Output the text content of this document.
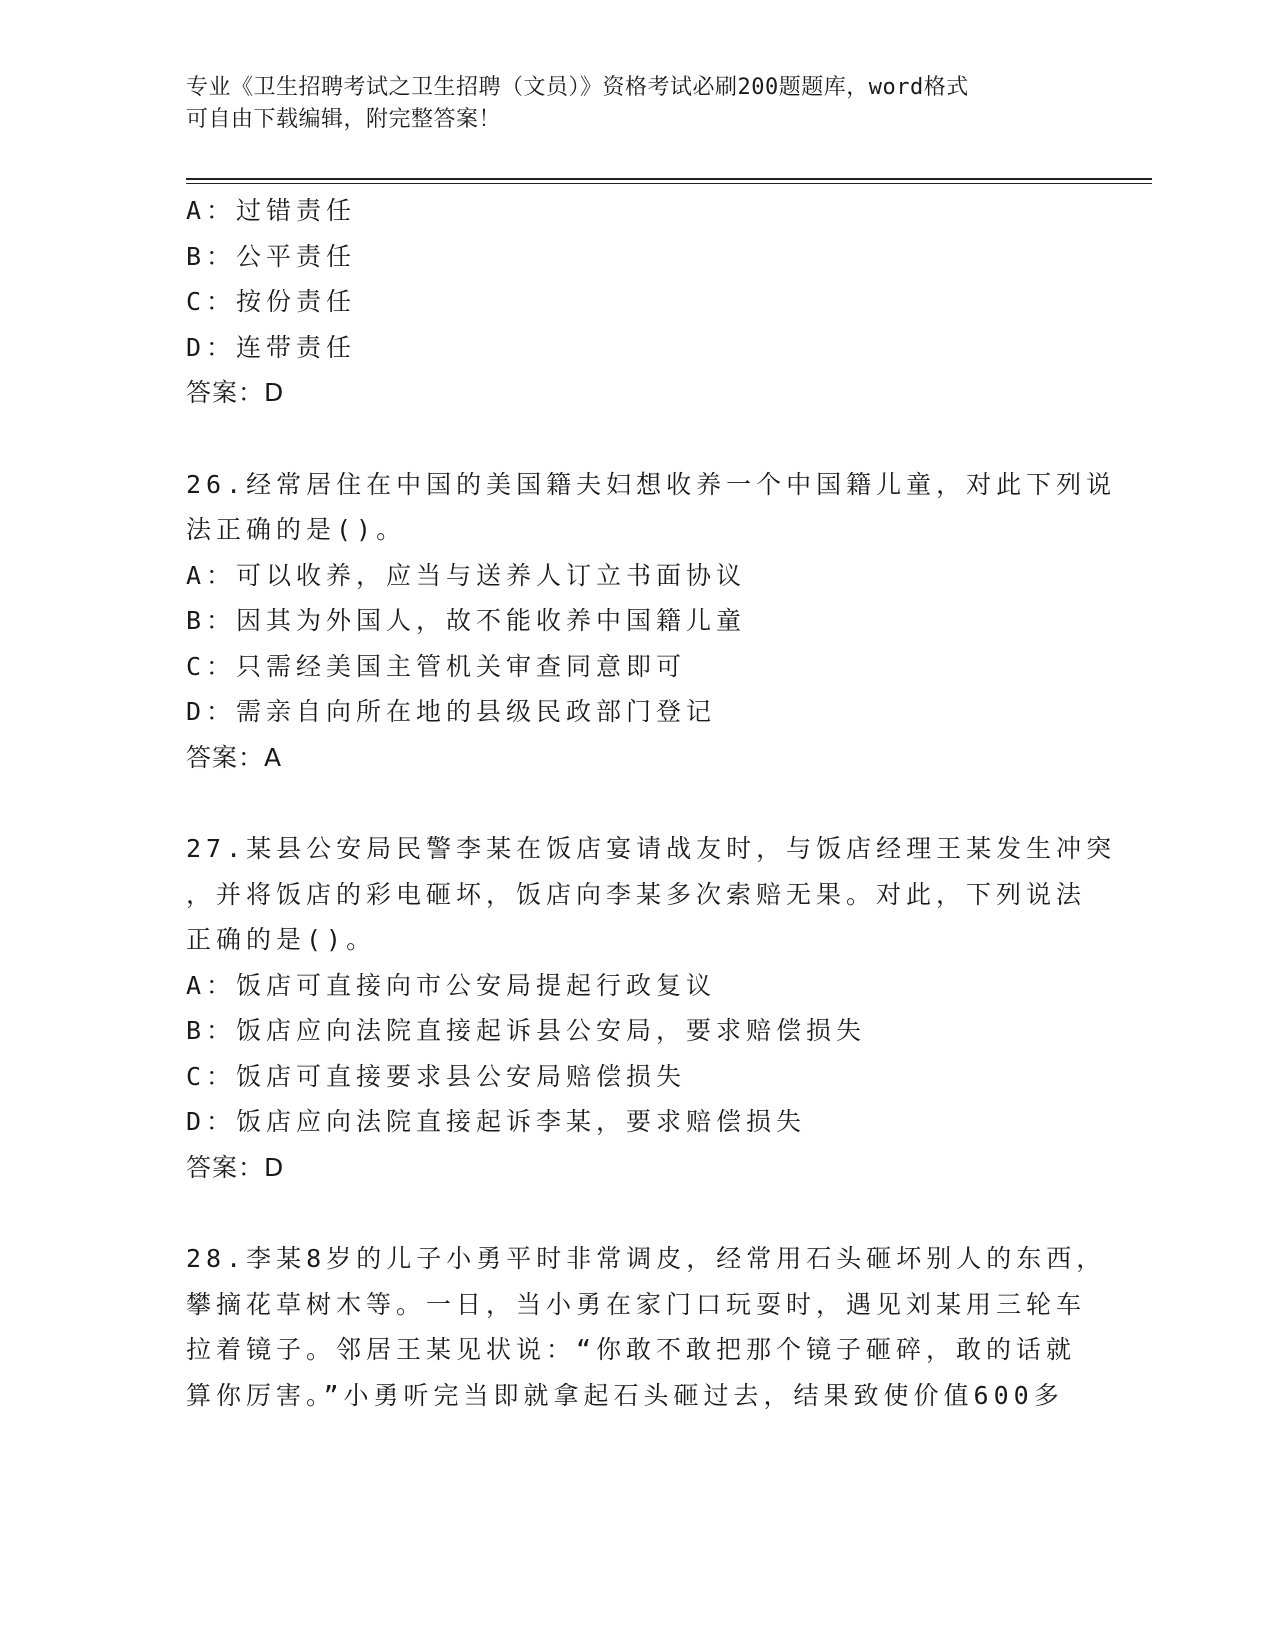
专业《卫生招聘考试之卫生招聘（文员）》资格考试必刷200题题库，word格式
可自由下载编辑，附完整答案！
A：过错责任
B：公平责任
C：按份责任
D：连带责任
答案：D
26.经常居住在中国的美国籍夫妇想收养一个中国籍儿童，对此下列说
法正确的是()。
A：可以收养，应当与送养人订立书面协议
B：因其为外国人，故不能收养中国籍儿童
C：只需经美国主管机关审查同意即可
D：需亲自向所在地的县级民政部门登记
答案：A
27.某县公安局民警李某在饭店宴请战友时，与饭店经理王某发生冲突
，并将饭店的彩电砸坏，饭店向李某多次索赔无果。对此，下列说法
正确的是()。
A：饭店可直接向市公安局提起行政复议
B：饭店应向法院直接起诉县公安局，要求赔偿损失
C：饭店可直接要求县公安局赔偿损失
D：饭店应向法院直接起诉李某，要求赔偿损失
答案：D
28.李某8岁的儿子小勇平时非常调皮，经常用石头砸坏别人的东西，
攀摘花草树木等。一日，当小勇在家门口玩耍时，遇见刘某用三轮车
拉着镜子。邻居王某见状说：“你敢不敢把那个镜子砸碎，敢的话就
算你厉害。”小勇听完当即就拿起石头砸过去，结果致使价值600多
